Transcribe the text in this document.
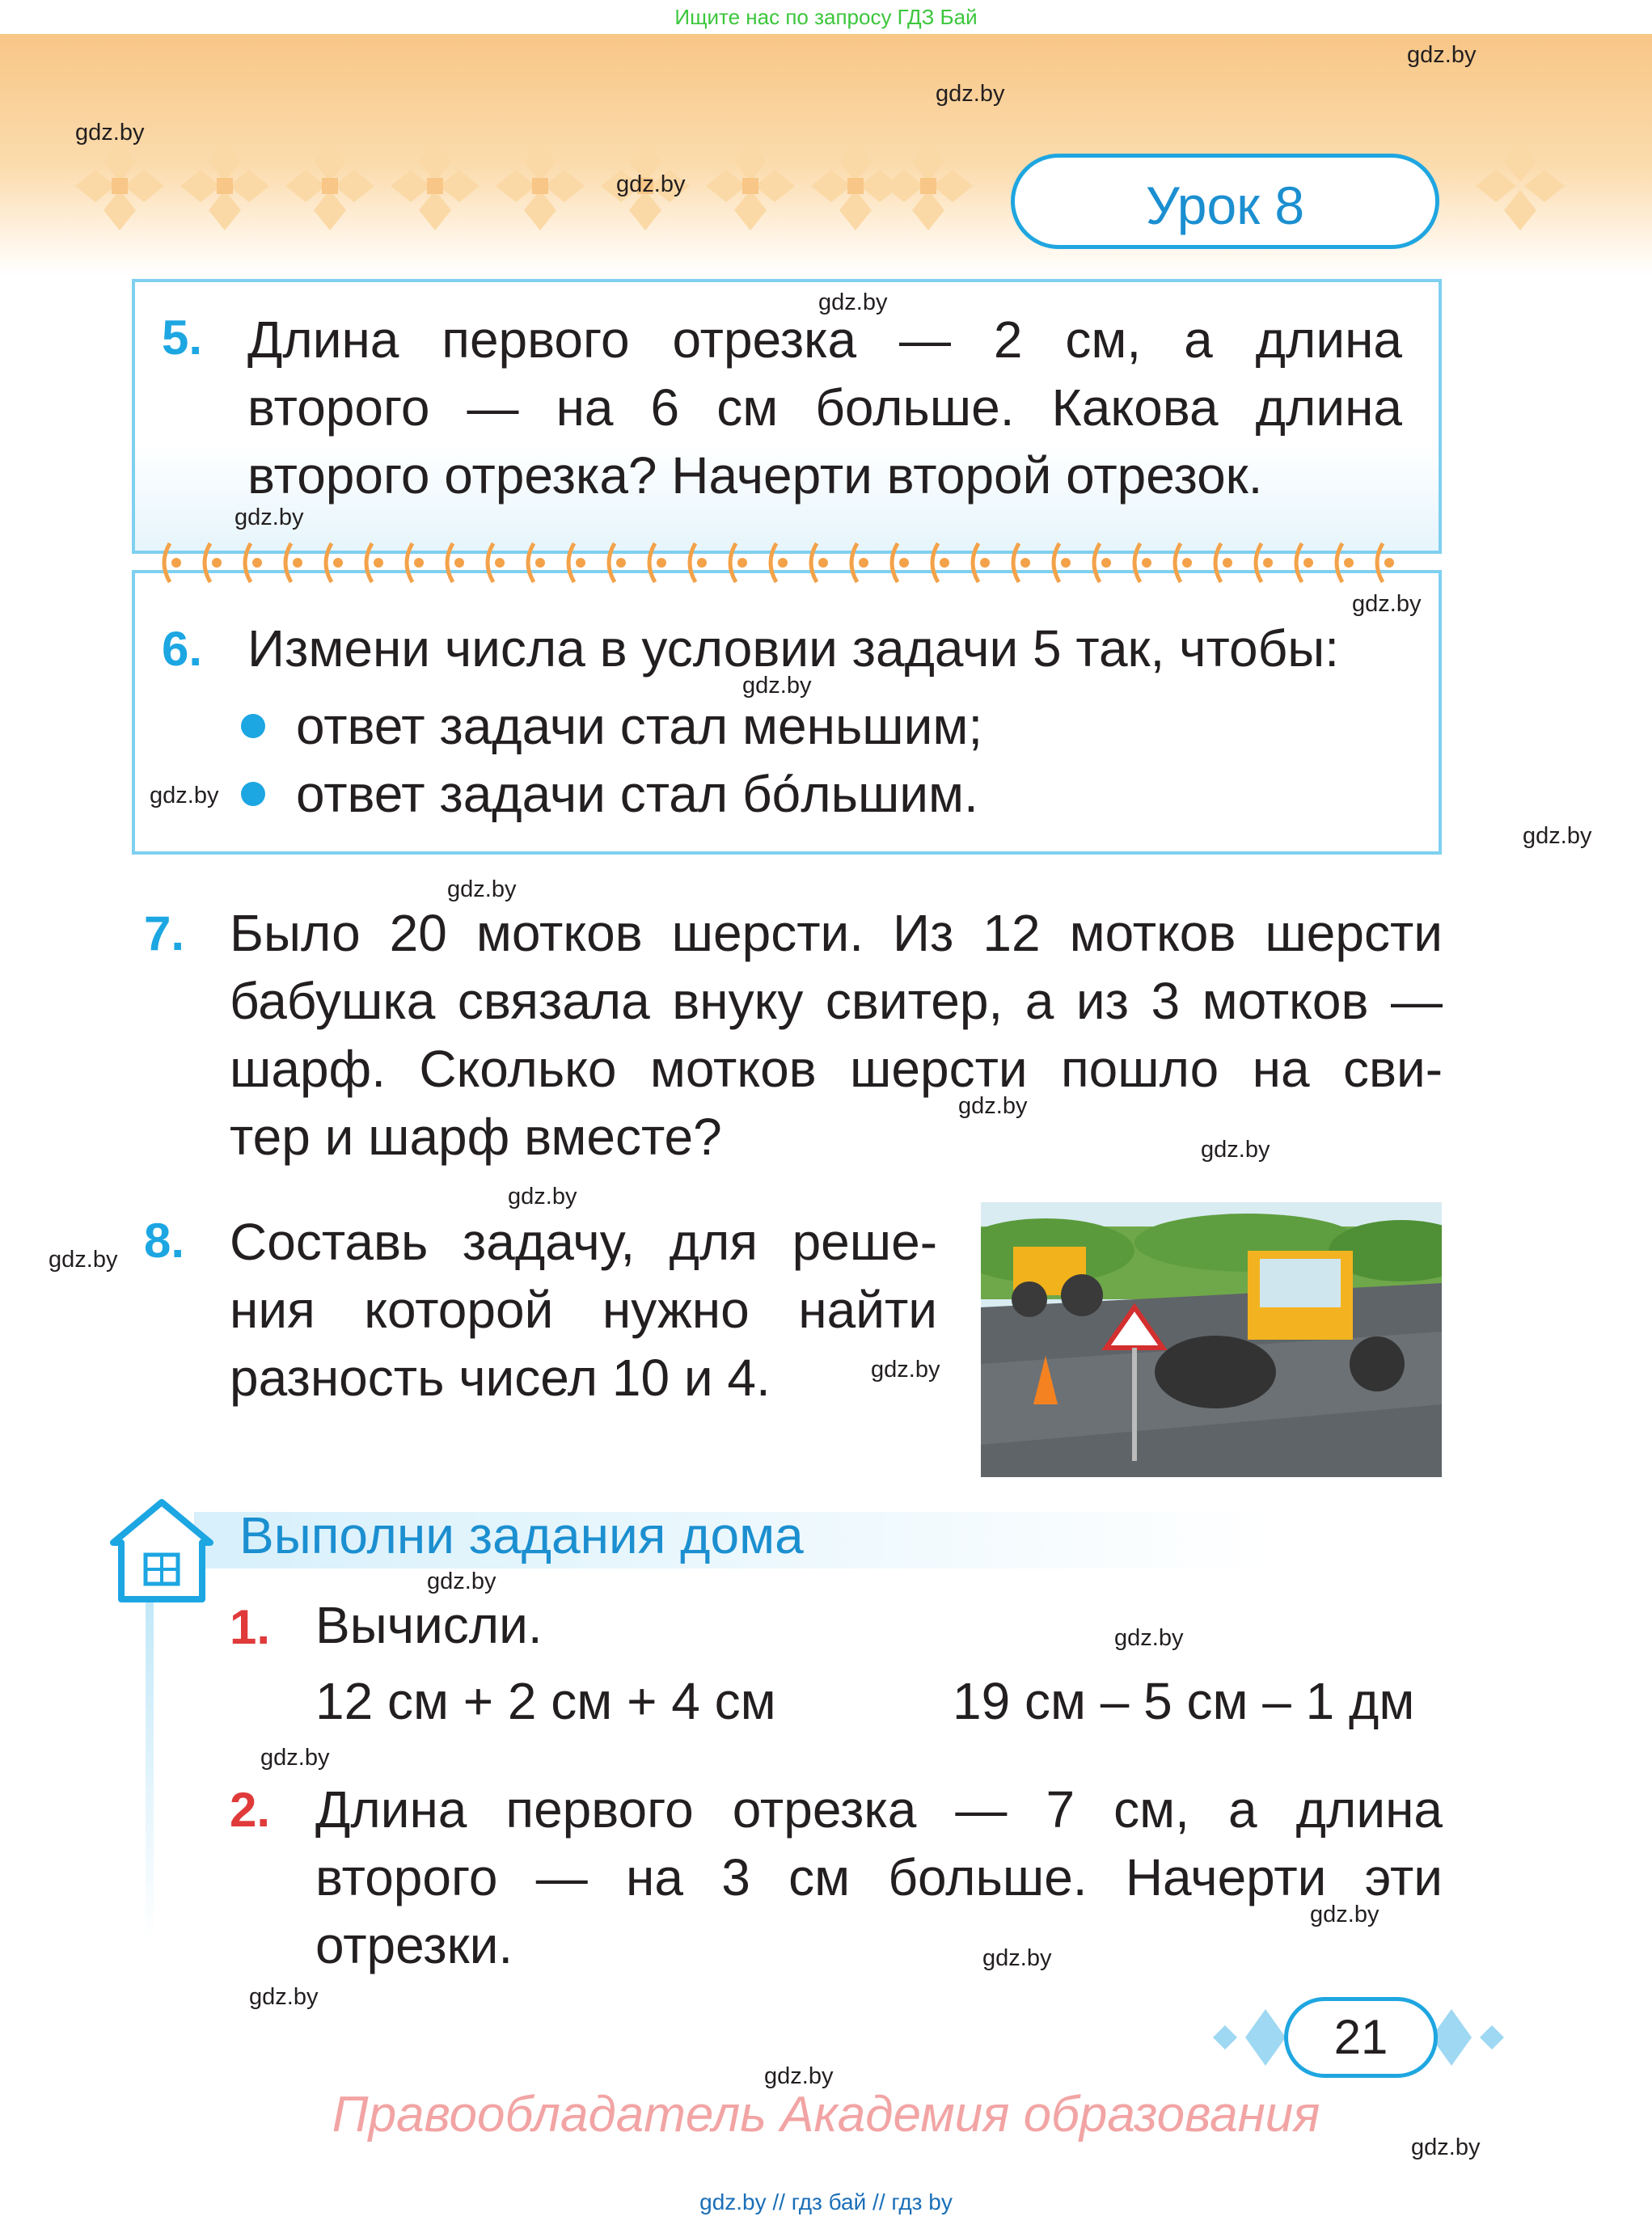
Ищите нас по запросу ГДЗ Бай
Урок 8
gdz.by
gdz.by
gdz.by
gdz.by
gdz.by
5. Длина первого отрезка — 2 см, а длина
второго — на 6 см больше. Какова длина
второго отрезка? Начерти второй отрезок.
gdz.by
gdz.by
6. Измени числа в условии задачи 5 так, чтобы:
gdz.by
ответ задачи стал меньшим;
gdz.by ответ задачи стал бо́льшим.
gdz.by
gdz.by
7. Было 20 мотков шерсти. Из 12 мотков шерсти
бабушка связала внуку свитер, а из 3 мотков —
шарф. Сколько мотков шерсти пошло на сви-
gdz.by
тер и шарф вместе?	gdz.by
gdz.by
gdz.by 8. Составь задачу, для реше-
ния которой нужно найти
разность чисел 10 и 4.	gdz.by
Выполни задания дома
gdz.by
1. Вычисли.	gdz.by
12 см + 2 см + 4 см	19 см – 5 см – 1 дм
gdz.by
2. Длина первого отрезка — 7 см, а длина
второго — на 3 см больше. Начерти эти
gdz.by
отрезки.	gdz.by
gdz.by
21
gdz.by
Правообладатель Академия образования
gdz.by
gdz.by // гдз бай // гдз by
